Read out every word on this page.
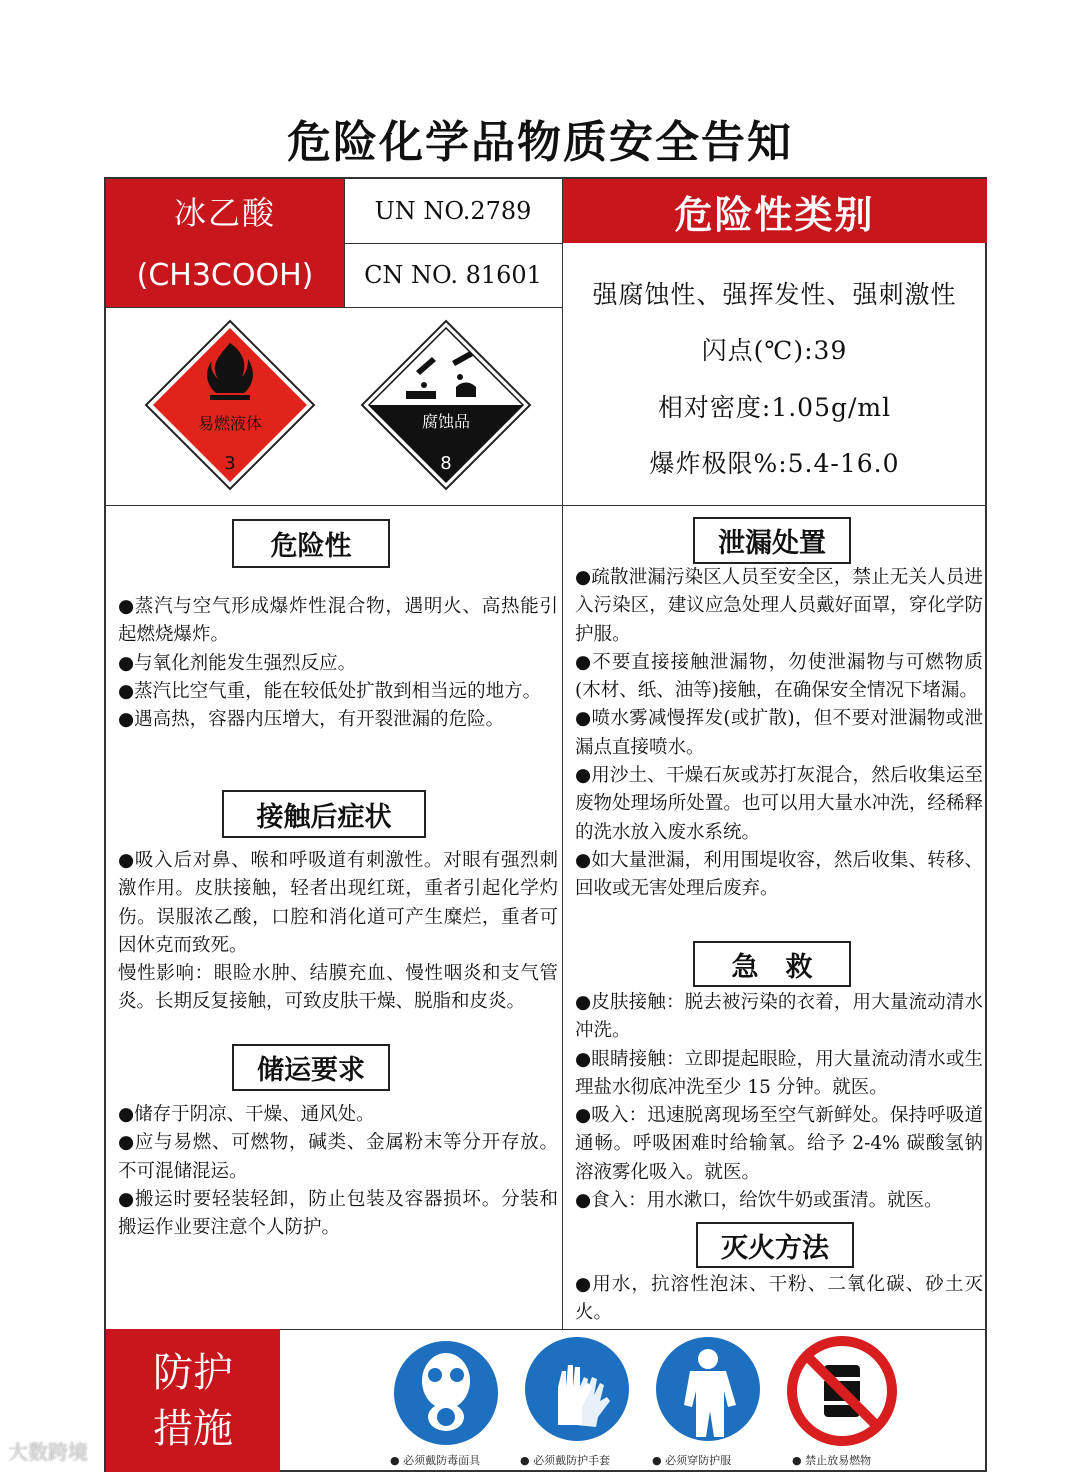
危险化学品物质安全告知
冰乙酸
(CH3COOH)
UN NO.2789
CN NO. 81601
危险性类别
强腐蚀性、强挥发性、强刺激性
闪点(℃):39
相对密度:1.05g/ml
爆炸极限%:5.4-16.0
易燃液体
3
腐蚀品
8
危险性

●蒸汽与空气形成爆炸性混合物，遇明火、高热能引起燃烧爆炸。

●与氧化剂能发生强烈反应。

●蒸汽比空气重，能在较低处扩散到相当远的地方。

●遇高热，容器内压增大，有开裂泄漏的危险。

接触后症状

●吸入后对鼻、喉和呼吸道有刺激性。对眼有强烈刺激作用。皮肤接触，轻者出现红斑，重者引起化学灼伤。误服浓乙酸，口腔和消化道可产生糜烂，重者可因休克而致死。

慢性影响：眼睑水肿、结膜充血、慢性咽炎和支气管炎。长期反复接触，可致皮肤干燥、脱脂和皮炎。

储运要求

●储存于阴凉、干燥、通风处。

●应与易燃、可燃物，碱类、金属粉末等分开存放。不可混储混运。

●搬运时要轻装轻卸，防止包装及容器损坏。分装和搬运作业要注意个人防护。

泄漏处置

●疏散泄漏污染区人员至安全区，禁止无关人员进入污染区，建议应急处理人员戴好面罩，穿化学防护服。

●不要直接接触泄漏物，勿使泄漏物与可燃物质(木材、纸、油等)接触，在确保安全情况下堵漏。

●喷水雾减慢挥发(或扩散)，但不要对泄漏物或泄漏点直接喷水。

●用沙土、干燥石灰或苏打灰混合，然后收集运至废物处理场所处置。也可以用大量水冲洗，经稀释的洗水放入废水系统。

●如大量泄漏，利用围堤收容，然后收集、转移、回收或无害处理后废弃。

急　救

●皮肤接触：脱去被污染的衣着，用大量流动清水冲洗。

●眼睛接触：立即提起眼睑，用大量流动清水或生理盐水彻底冲洗至少 15 分钟。就医。

●吸入：迅速脱离现场至空气新鲜处。保持呼吸道通畅。呼吸困难时给输氧。给予 2-4% 碳酸氢钠溶液雾化吸入。就医。

●食入：用水漱口，给饮牛奶或蛋清。就医。

灭火方法

●用水，抗溶性泡沫、干粉、二氧化碳、砂土灭火。

防护
措施
● 必须戴防毒面具	● 必须戴防护手套	● 必须穿防护服	● 禁止放易燃物
大数跨境
